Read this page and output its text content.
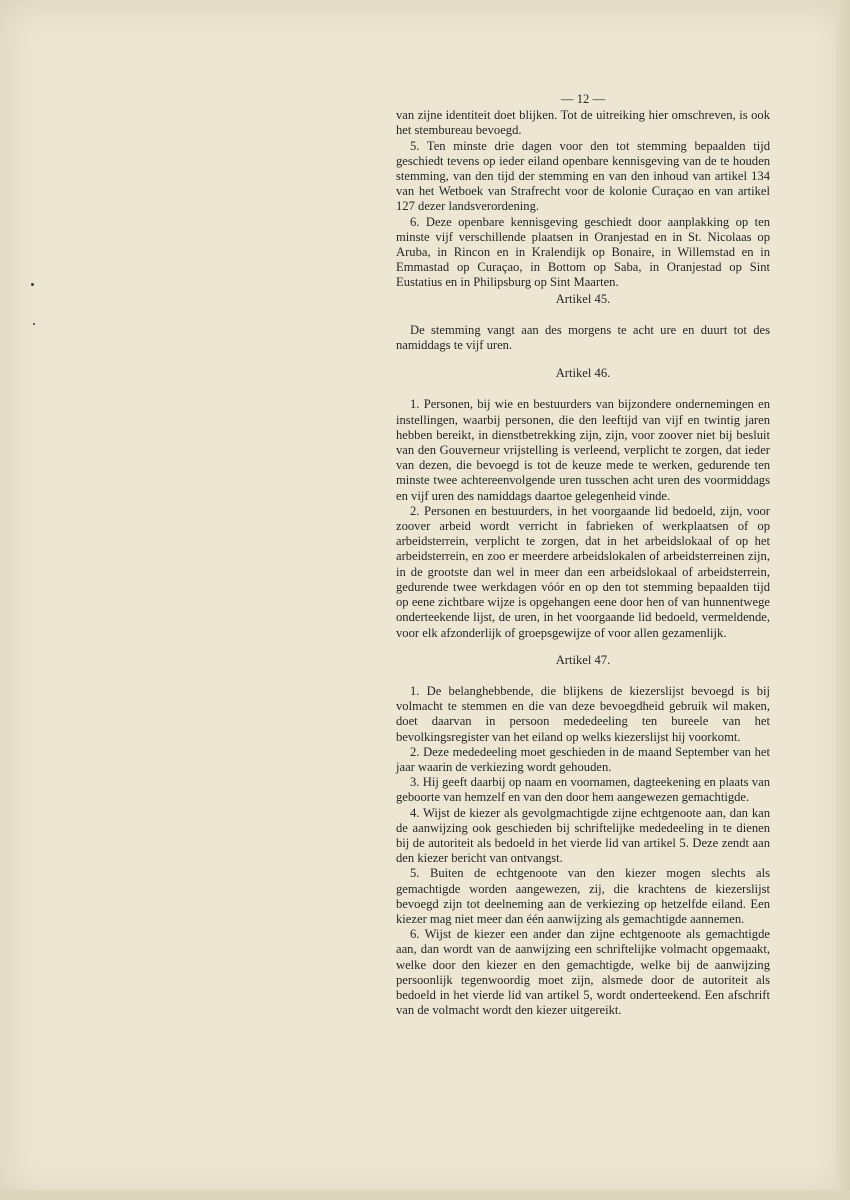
— 12 —

van zijne identiteit doet blijken. Tot de uitreiking hier omschreven, is ook het stembureau bevoegd.

5. Ten minste drie dagen voor den tot stemming bepaalden tijd geschiedt tevens op ieder eiland openbare kennisgeving van de te houden stemming, van den tijd der stemming en van den inhoud van artikel 134 van het Wetboek van Strafrecht voor de kolonie Curaçao en van artikel 127 dezer landsverordening.

6. Deze openbare kennisgeving geschiedt door aanplakking op ten minste vijf verschillende plaatsen in Oranjestad en in St. Nicolaas op Aruba, in Rincon en in Kralendijk op Bonaire, in Willemstad en in Emmastad op Curaçao, in Bottom op Saba, in Oranjestad op Sint Eustatius en in Philipsburg op Sint Maarten.

Artikel 45.

De stemming vangt aan des morgens te acht ure en duurt tot des namiddags te vijf uren.

Artikel 46.

1. Personen, bij wie en bestuurders van bijzondere ondernemingen en instellingen, waarbij personen, die den leeftijd van vijf en twintig jaren hebben bereikt, in dienstbetrekking zijn, zijn, voor zoover niet bij besluit van den Gouverneur vrijstelling is verleend, verplicht te zorgen, dat ieder van dezen, die bevoegd is tot de keuze mede te werken, gedurende ten minste twee achtereenvolgende uren tusschen acht uren des voormiddags en vijf uren des namiddags daartoe gelegenheid vinde.

2. Personen en bestuurders, in het voorgaande lid bedoeld, zijn, voor zoover arbeid wordt verricht in fabrieken of werkplaatsen of op arbeidsterrein, verplicht te zorgen, dat in het arbeidslokaal of op het arbeidsterrein, en zoo er meerdere arbeidslokalen of arbeidsterreinen zijn, in de grootste dan wel in meer dan een arbeidslokaal of arbeidsterrein, gedurende twee werkdagen vóór en op den tot stemming bepaalden tijd op eene zichtbare wijze is opgehangen eene door hen of van hunnentwege onderteekende lijst, de uren, in het voorgaande lid bedoeld, vermeldende, voor elk afzonderlijk of groepsgewijze of voor allen gezamenlijk.

Artikel 47.

1. De belanghebbende, die blijkens de kiezerslijst bevoegd is bij volmacht te stemmen en die van deze bevoegdheid gebruik wil maken, doet daarvan in persoon mededeeling ten bureele van het bevolkingsregister van het eiland op welks kiezerslijst hij voorkomt.

2. Deze mededeeling moet geschieden in de maand September van het jaar waarin de verkiezing wordt gehouden.

3. Hij geeft daarbij op naam en voornamen, dagteekening en plaats van geboorte van hemzelf en van den door hem aangewezen gemachtigde.

4. Wijst de kiezer als gevolgmachtigde zijne echtgenoote aan, dan kan de aanwijzing ook geschieden bij schriftelijke mededeeling in te dienen bij de autoriteit als bedoeld in het vierde lid van artikel 5. Deze zendt aan den kiezer bericht van ontvangst.

5. Buiten de echtgenoote van den kiezer mogen slechts als gemachtigde worden aangewezen, zij, die krachtens de kiezerslijst bevoegd zijn tot deelneming aan de verkiezing op hetzelfde eiland. Een kiezer mag niet meer dan één aanwijzing als gemachtigde aannemen.

6. Wijst de kiezer een ander dan zijne echtgenoote als gemachtigde aan, dan wordt van de aanwijzing een schriftelijke volmacht opgemaakt, welke door den kiezer en den gemachtigde, welke bij de aanwijzing persoonlijk tegenwoordig moet zijn, alsmede door de autoriteit als bedoeld in het vierde lid van artikel 5, wordt onderteekend. Een afschrift van de volmacht wordt den kiezer uitgereikt.
